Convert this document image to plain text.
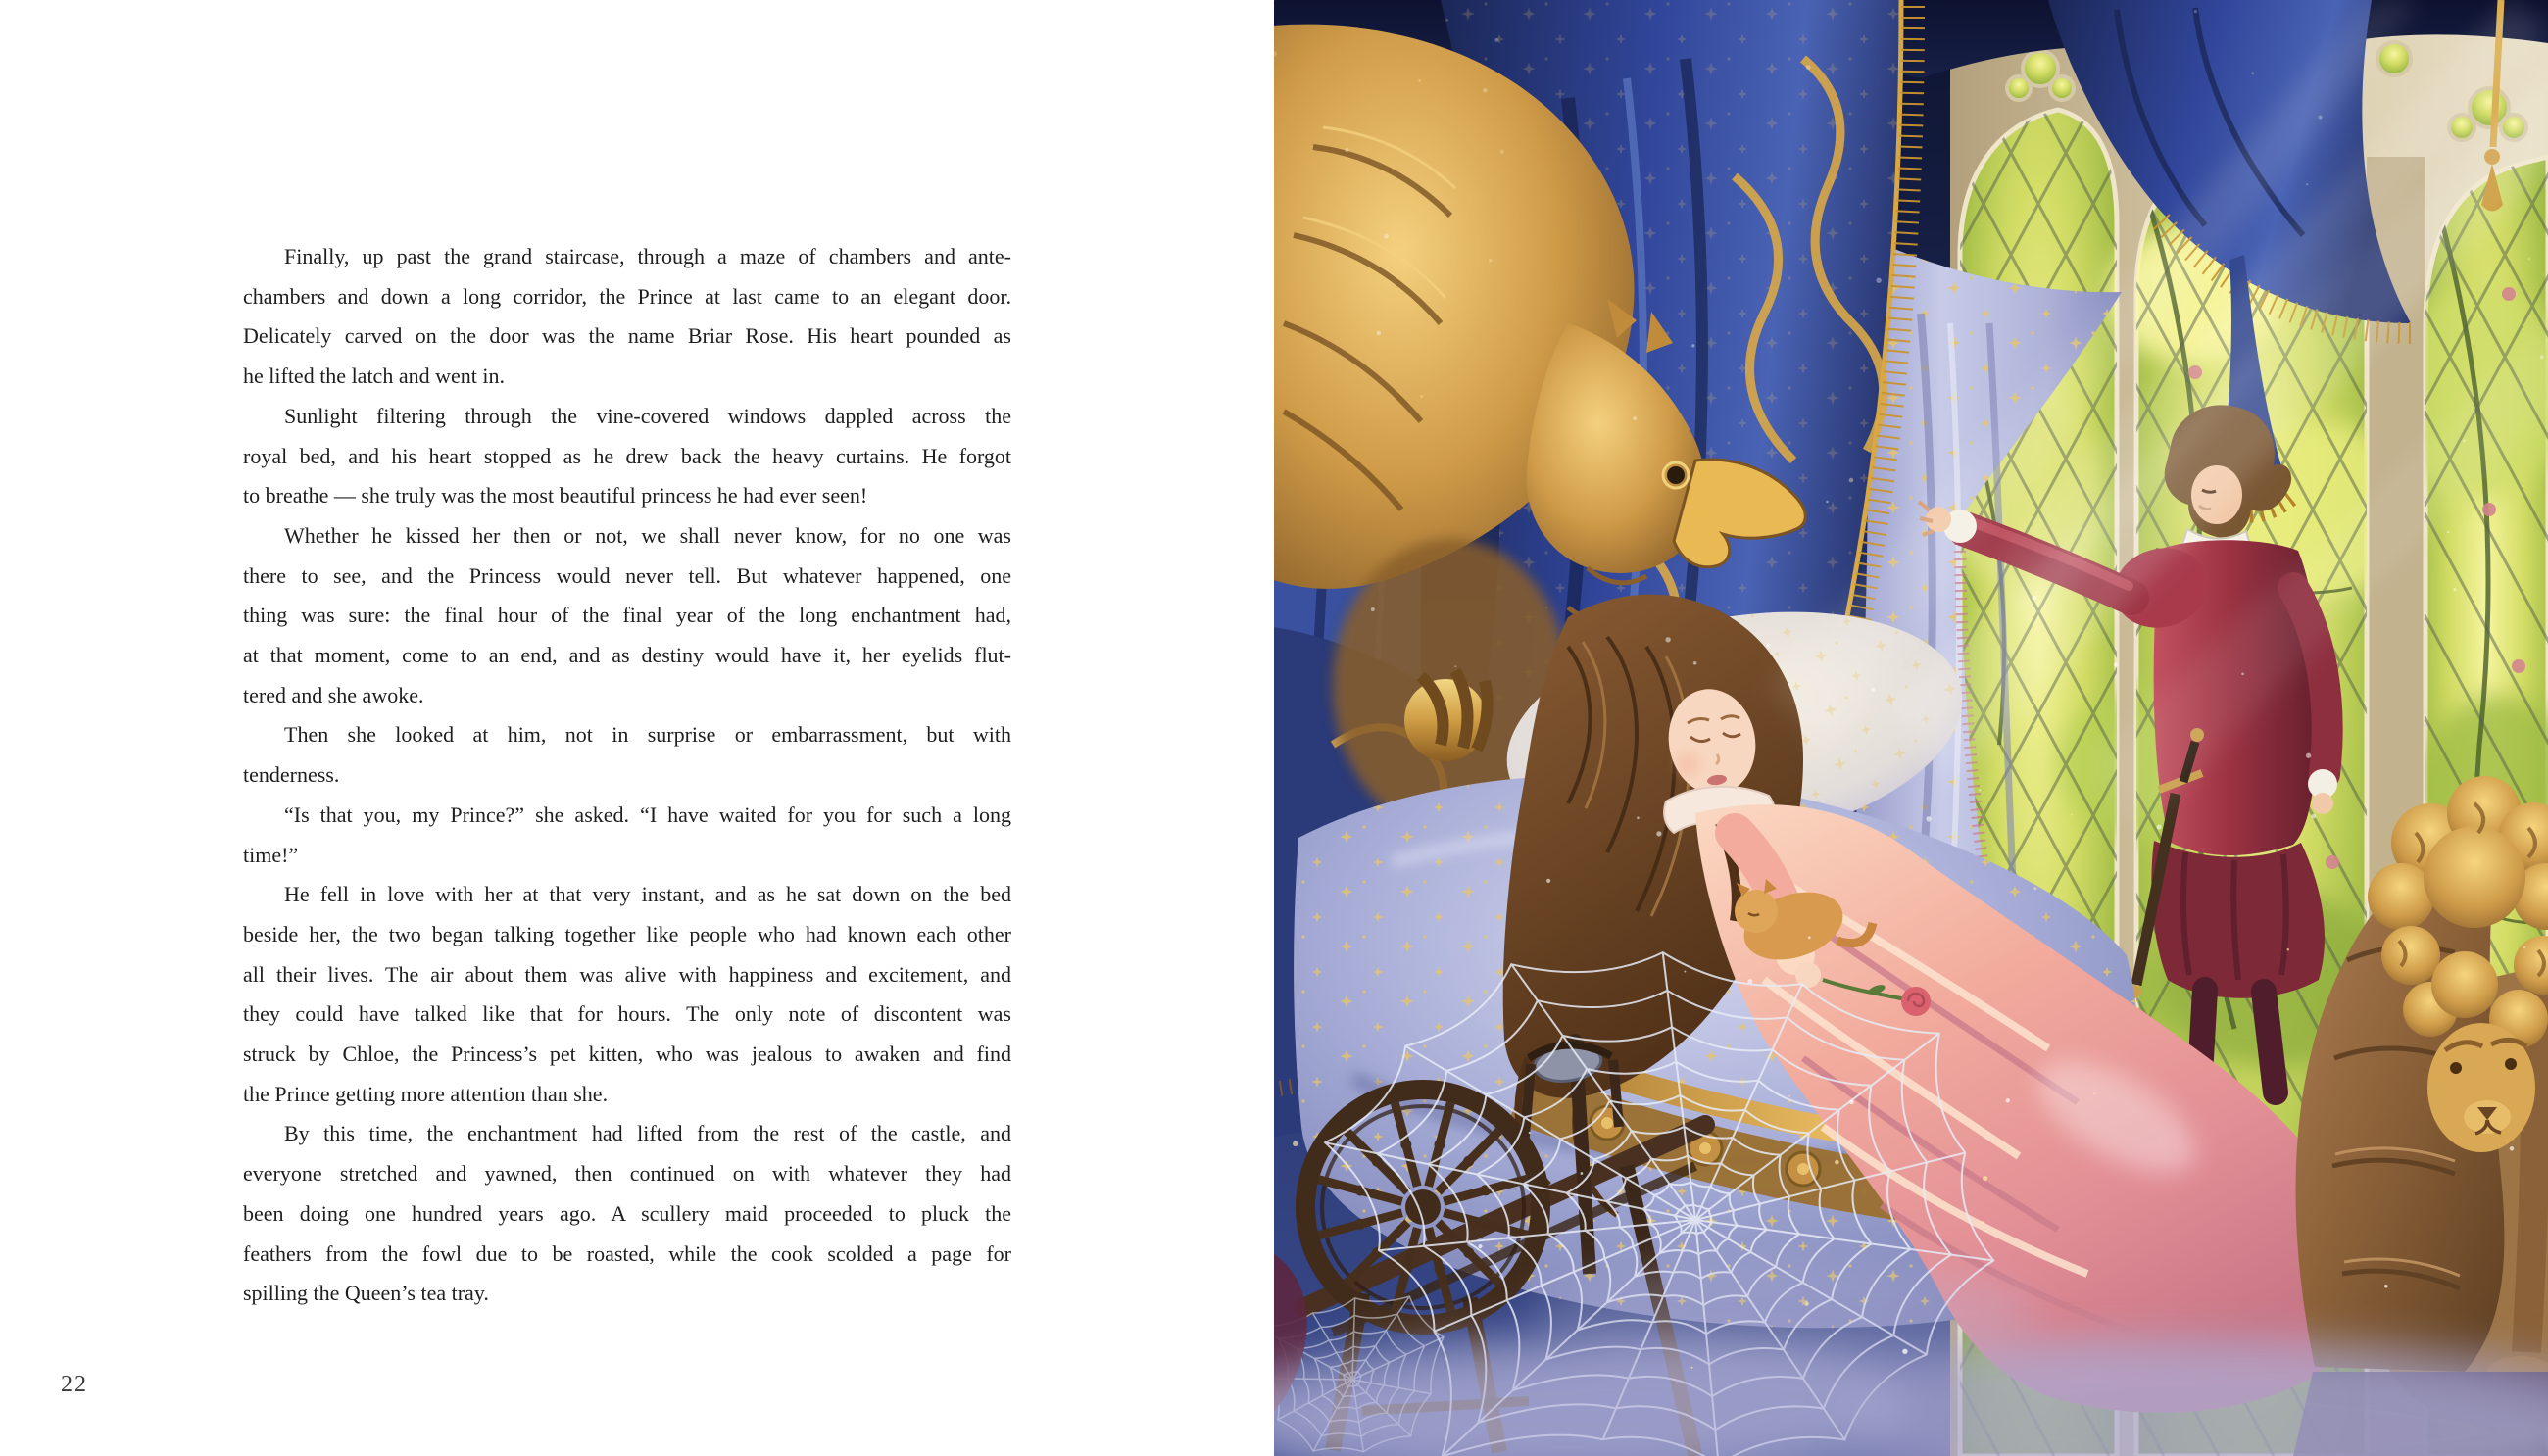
Finally, up past the grand staircase, through a maze of chambers and ante-
chambers and down a long corridor, the Prince at last came to an elegant door.
Delicately carved on the door was the name Briar Rose. His heart pounded as
he lifted the latch and went in.
Sunlight filtering through the vine-covered windows dappled across the
royal bed, and his heart stopped as he drew back the heavy curtains. He forgot
to breathe — she truly was the most beautiful princess he had ever seen!
Whether he kissed her then or not, we shall never know, for no one was
there to see, and the Princess would never tell. But whatever happened, one
thing was sure: the final hour of the final year of the long enchantment had,
at that moment, come to an end, and as destiny would have it, her eyelids flut-
tered and she awoke.
Then she looked at him, not in surprise or embarrassment, but with
tenderness.
“Is that you, my Prince?” she asked. “I have waited for you for such a long
time!”
He fell in love with her at that very instant, and as he sat down on the bed
beside her, the two began talking together like people who had known each other
all their lives. The air about them was alive with happiness and excitement, and
they could have talked like that for hours. The only note of discontent was
struck by Chloe, the Princess’s pet kitten, who was jealous to awaken and find
the Prince getting more attention than she.
By this time, the enchantment had lifted from the rest of the castle, and
everyone stretched and yawned, then continued on with whatever they had
been doing one hundred years ago. A scullery maid proceeded to pluck the
feathers from the fowl due to be roasted, while the cook scolded a page for
spilling the Queen’s tea tray.
22
